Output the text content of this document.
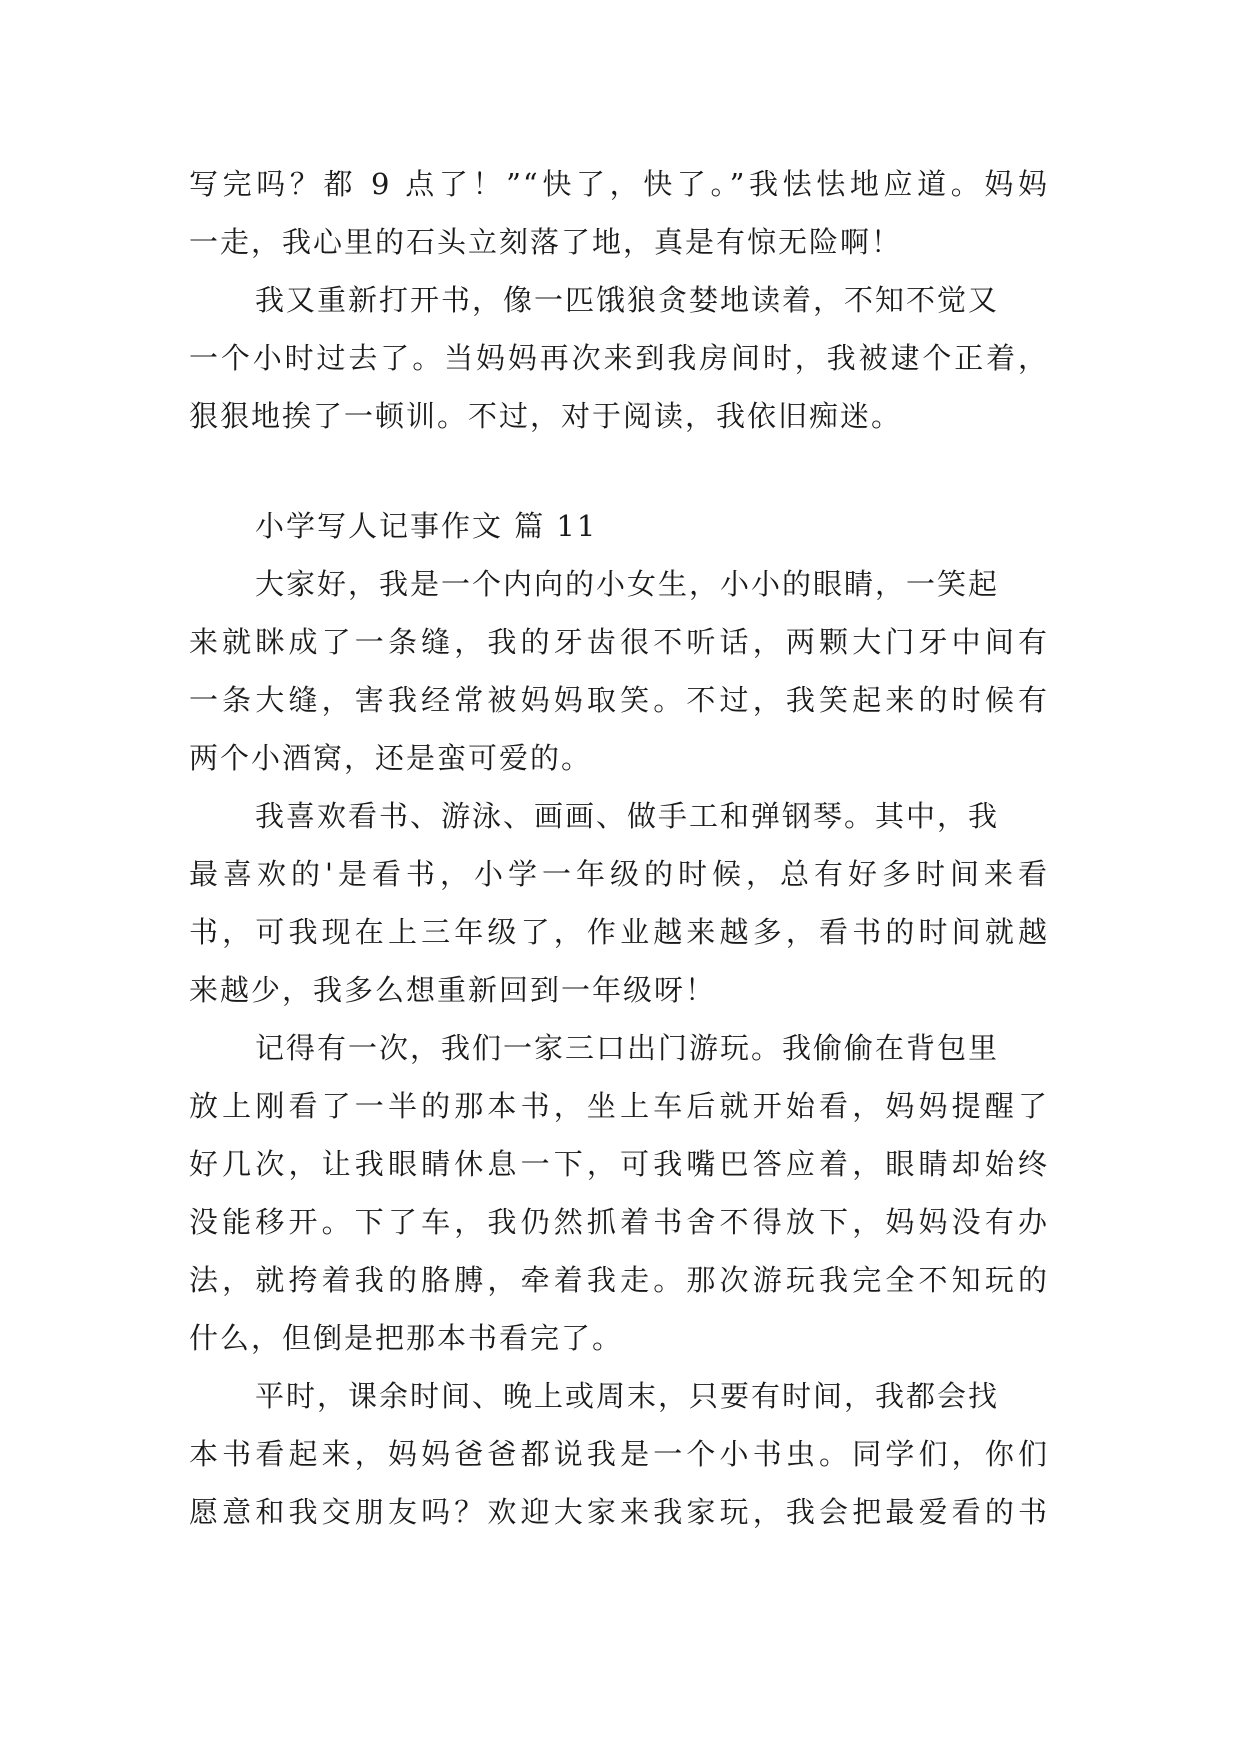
写完吗？都 9 点了！”“快了，快了。”我怯怯地应道。妈妈
一走，我心里的石头立刻落了地，真是有惊无险啊！
我又重新打开书，像一匹饿狼贪婪地读着，不知不觉又
一个小时过去了。当妈妈再次来到我房间时，我被逮个正着，
狠狠地挨了一顿训。不过，对于阅读，我依旧痴迷。
小学写人记事作文 篇 11
大家好，我是一个内向的小女生，小小的眼睛，一笑起
来就眯成了一条缝，我的牙齿很不听话，两颗大门牙中间有
一条大缝，害我经常被妈妈取笑。不过，我笑起来的时候有
两个小酒窝，还是蛮可爱的。
我喜欢看书、游泳、画画、做手工和弹钢琴。其中，我
最喜欢的'是看书，小学一年级的时候，总有好多时间来看
书，可我现在上三年级了，作业越来越多，看书的时间就越
来越少，我多么想重新回到一年级呀！
记得有一次，我们一家三口出门游玩。我偷偷在背包里
放上刚看了一半的那本书，坐上车后就开始看，妈妈提醒了
好几次，让我眼睛休息一下，可我嘴巴答应着，眼睛却始终
没能移开。下了车，我仍然抓着书舍不得放下，妈妈没有办
法，就挎着我的胳膊，牵着我走。那次游玩我完全不知玩的
什么，但倒是把那本书看完了。
平时，课余时间、晚上或周末，只要有时间，我都会找
本书看起来，妈妈爸爸都说我是一个小书虫。同学们，你们
愿意和我交朋友吗？欢迎大家来我家玩，我会把最爱看的书
